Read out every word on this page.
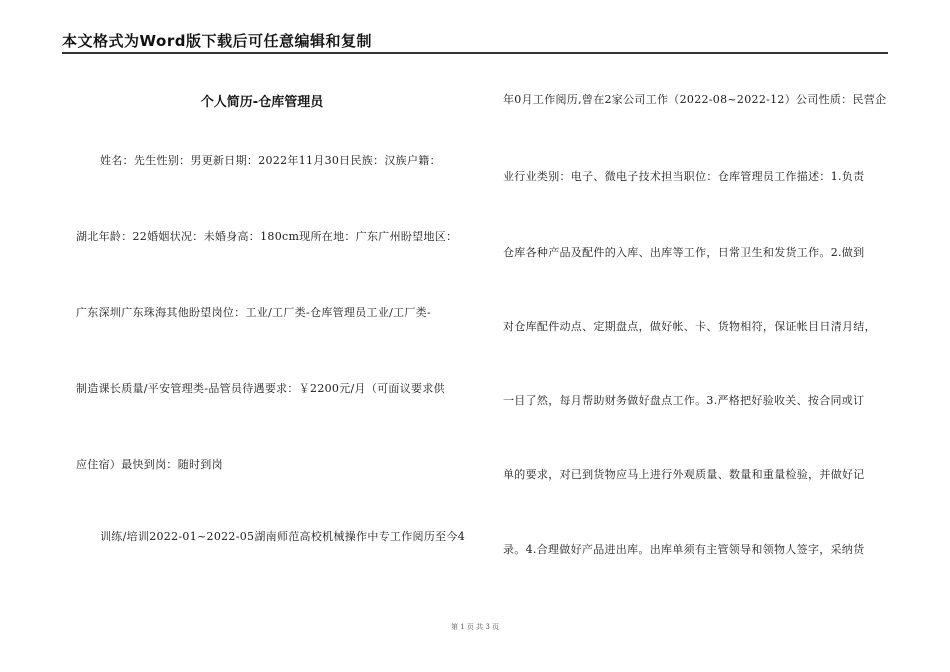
本文格式为Word版下载后可任意编辑和复制
个人简历-仓库管理员
姓名：先生性别：男更新日期：2022年11月30日民族：汉族户籍：
湖北年龄：22婚姻状况：未婚身高：180cm现所在地：广东广州盼望地区：
广东深圳广东珠海其他盼望岗位：工业/工厂类-仓库管理员工业/工厂类-
制造课长质量/平安管理类-品管员待遇要求：￥2200元/月（可面议要求供
应住宿）最快到岗：随时到岗
训练/培训2022-01~2022-05湖南师范高校机械操作中专工作阅历至今4
年0月工作阅历,曾在2家公司工作（2022-08~2022-12）公司性质：民营企
业行业类别：电子、微电子技术担当职位：仓库管理员工作描述：1.负责
仓库各种产品及配件的入库、出库等工作，日常卫生和发货工作。2.做到
对仓库配件动点、定期盘点，做好帐、卡、货物相符，保证帐目日清月结，
一目了然，每月帮助财务做好盘点工作。3.严格把好验收关、按合同或订
单的要求，对已到货物应马上进行外观质量、数量和重量检验，并做好记
录。4.合理做好产品进出库。出库单须有主管领导和领物人签字，采纳货
第 1 页 共 3 页
